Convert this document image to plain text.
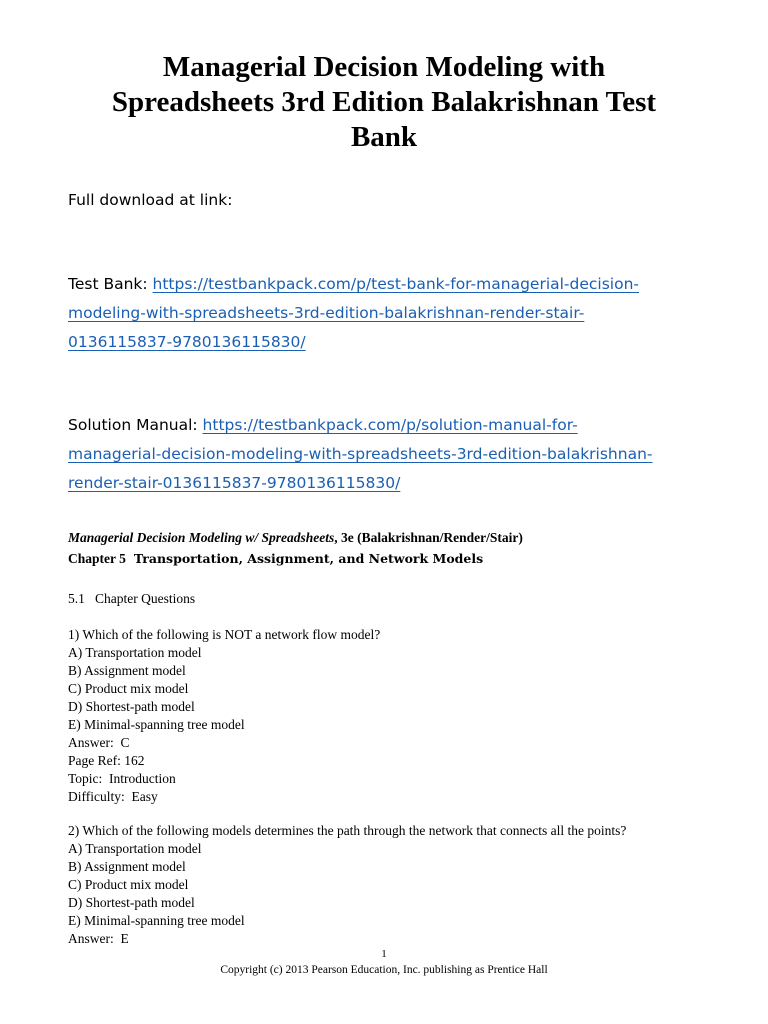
Managerial Decision Modeling with
Spreadsheets 3rd Edition Balakrishnan Test
Bank
Full download at link:
Test Bank: https://testbankpack.com/p/test-bank-for-managerial-decision-
modeling-with-spreadsheets-3rd-edition-balakrishnan-render-stair-
0136115837-9780136115830/
Solution Manual: https://testbankpack.com/p/solution-manual-for-
managerial-decision-modeling-with-spreadsheets-3rd-edition-balakrishnan-
render-stair-0136115837-9780136115830/
Managerial Decision Modeling w/ Spreadsheets, 3e (Balakrishnan/Render/Stair)
Chapter 5 Transportation, Assignment, and Network Models
5.1   Chapter Questions
1) Which of the following is NOT a network flow model?
A) Transportation model
B) Assignment model
C) Product mix model
D) Shortest-path model
E) Minimal-spanning tree model
Answer:  C
Page Ref: 162
Topic:  Introduction
Difficulty:  Easy
2) Which of the following models determines the path through the network that connects all the points?
A) Transportation model
B) Assignment model
C) Product mix model
D) Shortest-path model
E) Minimal-spanning tree model
Answer:  E
1
Copyright (c) 2013 Pearson Education, Inc. publishing as Prentice Hall
